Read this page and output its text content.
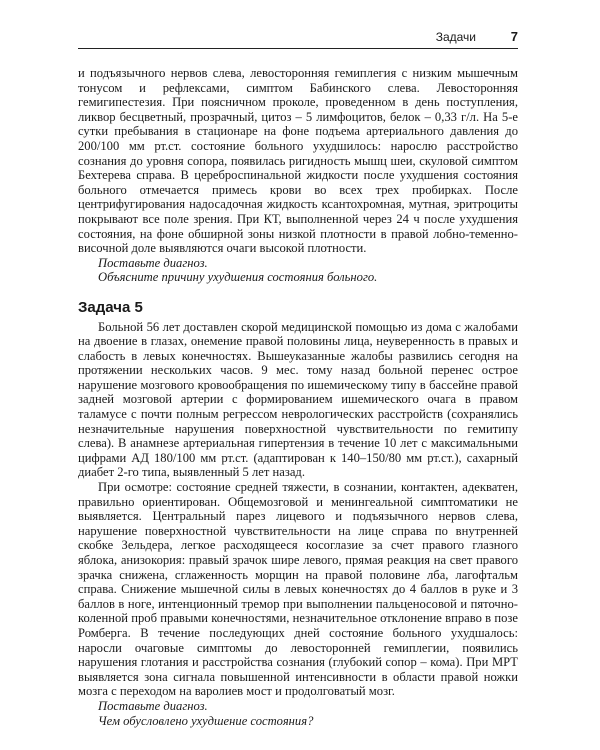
Задачи	7

и подъязычного нервов слева, левосторонняя гемиплегия с низким мышечным тонусом и рефлексами, симптом Бабинского слева. Левосторонняя гемигипестезия. При поясничном проколе, проведенном в день поступления, ликвор бесцветный, прозрачный, цитоз – 5 лимфоцитов, белок – 0,33 г/л. На 5-е сутки пребывания в стационаре на фоне подъема артериального давления до 200/100 мм рт.ст. состояние больного ухудшилось: нарослю расстройство сознания до уровня сопора, появилась ригидность мышц шеи, скуловой симптом Бехтерева справа. В цереброспинальной жидкости после ухудшения состояния больного отмечается примесь крови во всех трех пробирках. После центрифугирования надосадочная жидкость ксантохромная, мутная, эритроциты покрывают все поле зрения. При КТ, выполненной через 24 ч после ухудшения состояния, на фоне обширной зоны низкой плотности в правой лобно-теменно-височной доле выявляются очаги высокой плотности.

Поставьте диагноз.

Объясните причину ухудшения состояния больного.

Задача 5

Больной 56 лет доставлен скорой медицинской помощью из дома с жалобами на двоение в глазах, онемение правой половины лица, неуверенность в правых и слабость в левых конечностях. Вышеуказанные жалобы развились сегодня на протяжении нескольких часов. 9 мес. тому назад больной перенес острое нарушение мозгового кровообращения по ишемическому типу в бассейне правой задней мозговой артерии с формированием ишемического очага в правом таламусе с почти полным регрессом неврологических расстройств (сохранялись незначительные нарушения поверхностной чувствительности по гемитипу слева). В анамнезе артериальная гипертензия в течение 10 лет с максимальными цифрами АД 180/100 мм рт.ст. (адаптирован к 140–150/80 мм рт.ст.), сахарный диабет 2-го типа, выявленный 5 лет назад.

При осмотре: состояние средней тяжести, в сознании, контактен, адекватен, правильно ориентирован. Общемозговой и менингеальной симптоматики не выявляется. Центральный парез лицевого и подъязычного нервов слева, нарушение поверхностной чувствительности на лице справа по внутренней скобке Зельдера, легкое расходящееся косоглазие за счет правого глазного яблока, анизокория: правый зрачок шире левого, прямая реакция на свет правого зрачка снижена, сглаженность морщин на правой половине лба, лагофтальм справа. Снижение мышечной силы в левых конечностях до 4 баллов в руке и 3 баллов в ноге, интенционный тремор при выполнении пальценосовой и пяточно-коленной проб правыми конечностями, незначительное отклонение вправо в позе Ромберга. В течение последующих дней состояние больного ухудшалось: наросли очаговые симптомы до левосторонней гемиплегии, появились нарушения глотания и расстройства сознания (глубокий сопор – кома). При МРТ выявляется зона сигнала повышенной интенсивности в области правой ножки мозга с переходом на варолиев мост и продолговатый мозг.

Поставьте диагноз.

Чем обусловлено ухудшение состояния?
